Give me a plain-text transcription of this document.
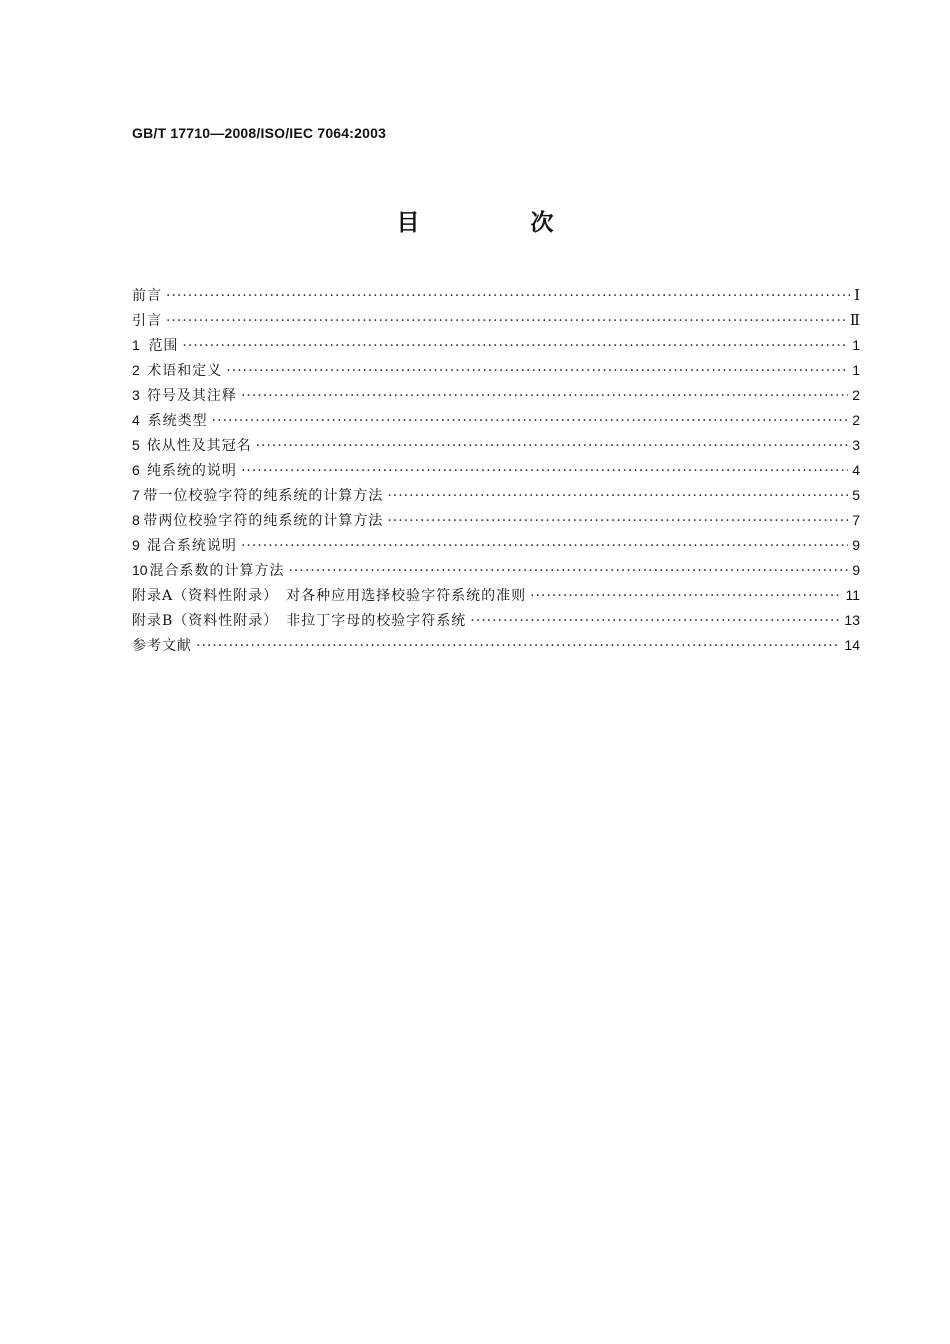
GB/T 17710—2008/ISO/IEC 7064:2003
目　次
前言 ·····	Ⅰ
引言 ·····	Ⅱ
1 范围 ·····	1
2 术语和定义 ·····	1
3 符号及其注释 ·····	2
4 系统类型 ·····	2
5 依从性及其冠名 ·····	3
6 纯系统的说明 ·····	4
7 带一位校验字符的纯系统的计算方法 ·····	5
8 带两位校验字符的纯系统的计算方法 ·····	7
9 混合系统说明 ·····	9
10 混合系数的计算方法 ·····	9
附录A（资料性附录）　对各种应用选择校验字符系统的准则 ·····	11
附录B（资料性附录）　非拉丁字母的校验字符系统 ·····	13
参考文献 ·····	14
